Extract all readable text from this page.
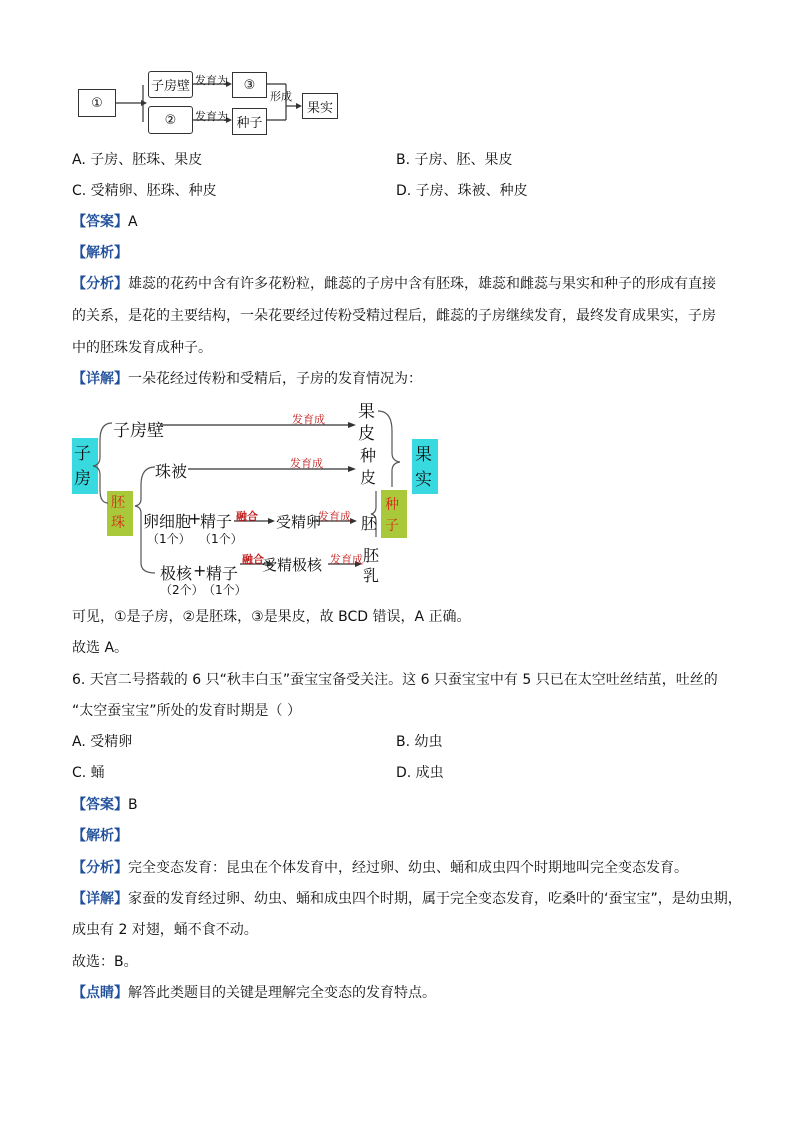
①
子房壁
②
③
种子
果实
发育为
发育为
形成
A. 子房、胚珠、果皮	B. 子房、胚、果皮
C. 受精卵、胚珠、种皮	D. 子房、珠被、种皮
【答案】A
【解析】
【分析】雄蕊的花药中含有许多花粉粒，雌蕊的子房中含有胚珠，雄蕊和雌蕊与果实和种子的形成有直接
的关系，是花的主要结构，一朵花要经过传粉受精过程后，雌蕊的子房继续发育，最终发育成果实，子房
中的胚珠发育成种子。
【详解】一朵花经过传粉和受精后，子房的发育情况为：
子
房
子房壁
珠被
胚
珠 卵细胞
+
精子
（1个） （1个）
极核 + 精子
（2个） （1个）
融合
融合
受精卵
受精极核
发育成
发育成
发育成
发育成
果
皮
种
皮
胚
胚
乳
种
子
果
实
可见，①是子房，②是胚珠，③是果皮，故 BCD 错误，A 正确。
故选 A。
6. 天宫二号搭载的 6 只“秋丰白玉”蚕宝宝备受关注。这 6 只蚕宝宝中有 5 只已在太空吐丝结茧，吐丝的
“太空蚕宝宝”所处的发育时期是（ ）
A. 受精卵	B. 幼虫
C. 蛹	D. 成虫
【答案】B
【解析】
【分析】完全变态发育：昆虫在个体发育中，经过卵、幼虫、蛹和成虫四个时期地叫完全变态发育。
【详解】家蚕的发育经过卵、幼虫、蛹和成虫四个时期，属于完全变态发育，吃桑叶的‘蚕宝宝”，是幼虫期，
成虫有 2 对翅，蛹不食不动。
故选：B。
【点睛】解答此类题目的关键是理解完全变态的发育特点。
